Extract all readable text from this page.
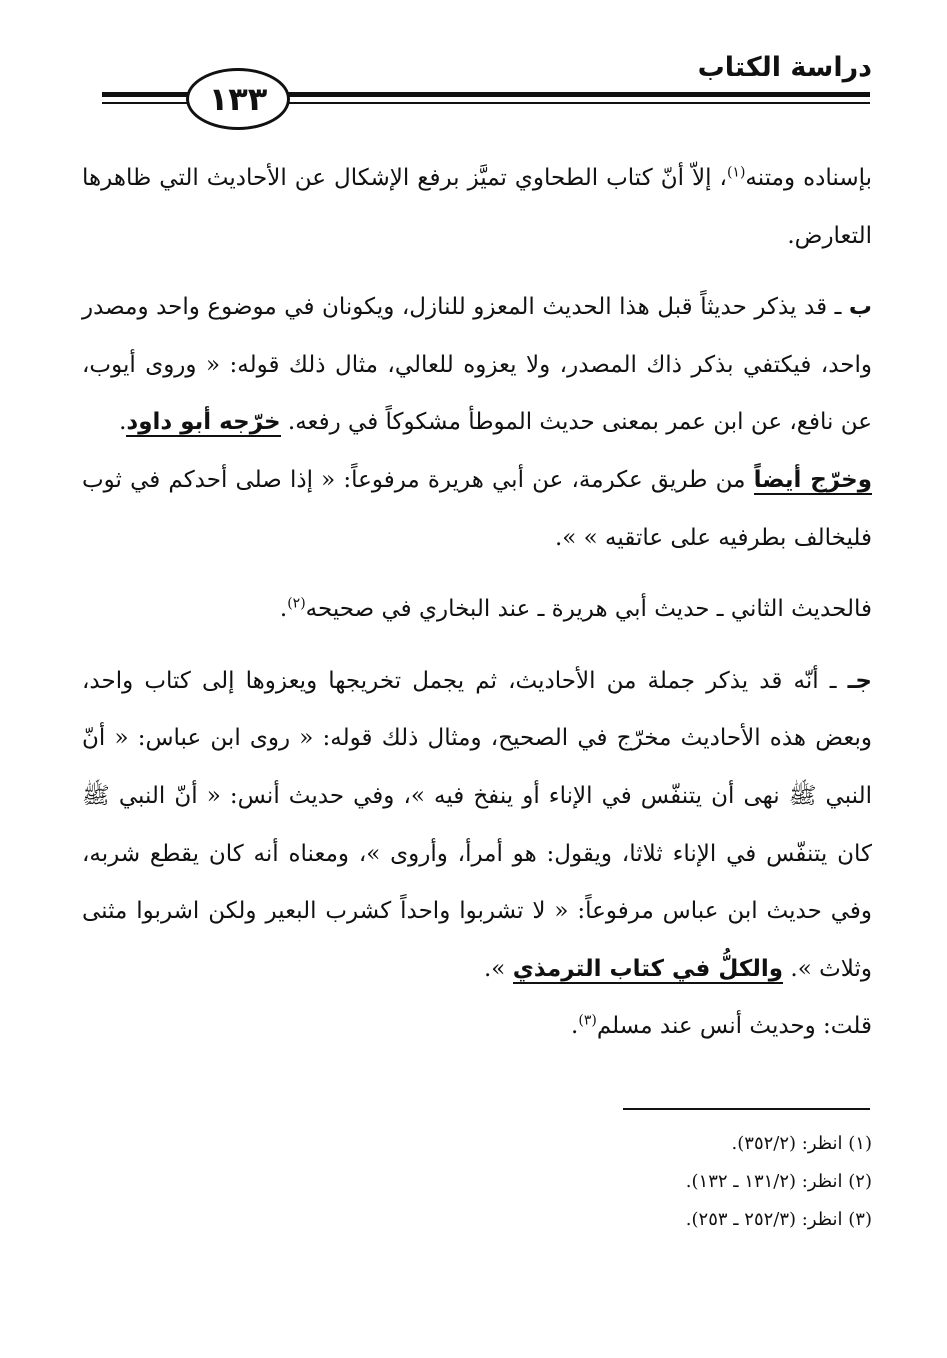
دراسة الكتاب
١٣٣

بإسناده ومتنه$^{(١)}$، إلاّ أنّ كتاب الطحاوي تميَّز برفع الإشكال عن الأحاديث التي ظاهرها التعارض.

ب ـ قد يذكر حديثاً قبل هذا الحديث المعزو للنازل، ويكونان في موضوع واحد ومصدر واحد، فيكتفي بذكر ذاك المصدر، ولا يعزوه للعالي، مثال ذلك قوله: « وروى أيوب، عن نافع، عن ابن عمر بمعنى حديث الموطأ مشكوكاً في رفعه. خرّجه أبو داود.

وخرّج أيضاً من طريق عكرمة، عن أبي هريرة مرفوعاً: « إذا صلى أحدكم في ثوب فليخالف بطرفيه على عاتقيه » ».

فالحديث الثاني ـ حديث أبي هريرة ـ عند البخاري في صحيحه$^{(٢)}$.

جـ ـ أنّه قد يذكر جملة من الأحاديث، ثم يجمل تخريجها ويعزوها إلى كتاب واحد، وبعض هذه الأحاديث مخرّج في الصحيح، ومثال ذلك قوله: « روى ابن عباس: « أنّ النبي ﷺ نهى أن يتنفّس في الإناء أو ينفخ فيه »، وفي حديث أنس: « أنّ النبي ﷺ كان يتنفّس في الإناء ثلاثا، ويقول: هو أمرأ، وأروى »، ومعناه أنه كان يقطع شربه، وفي حديث ابن عباس مرفوعاً: « لا تشربوا واحداً كشرب البعير ولكن اشربوا مثنى وثلاث ». والكلُّ في كتاب الترمذي ».

قلت: وحديث أنس عند مسلم$^{(٣)}$.

(١) انظر: (٣٥٢/٢).
(٢) انظر: (١٣١/٢ ـ ١٣٢).
(٣) انظر: (٢٥٢/٣ ـ ٢٥٣).
